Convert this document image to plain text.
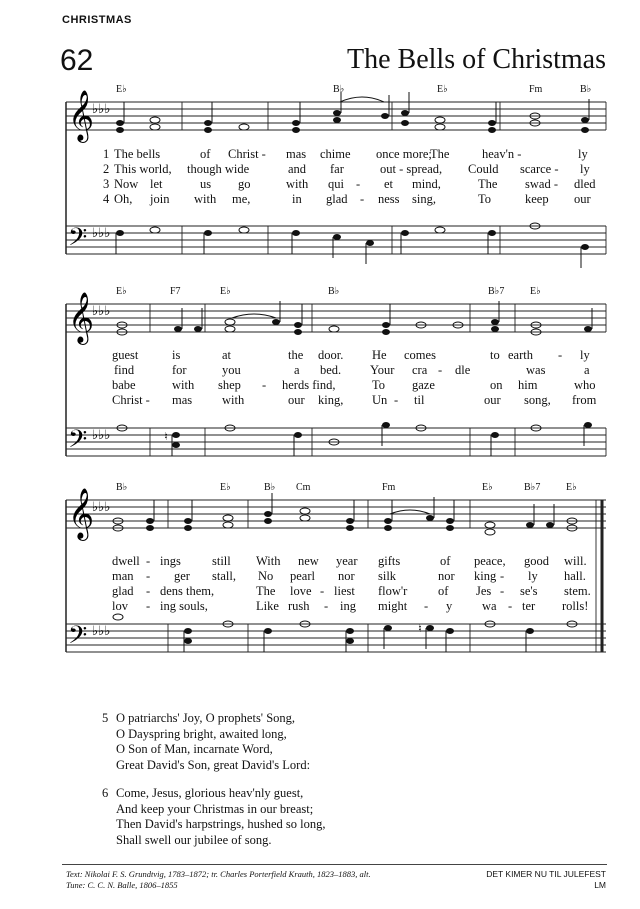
CHRISTMAS
62	The Bells of Christmas
𝄞
𝄢
♭♭♭
♭♭♭
E♭	B♭	E♭	Fm	B♭
1 The bells	of Christ - mas chime once more;
The	heav'n -	ly
2 This world, though wide	and far	out - spread, Could scarce - ly
3 Now let	us go	with qui - et mind,	The swad - dled
4 Oh, join with me,	in glad - ness sing,	To	keep our
𝄞
𝄢
♭♭♭
♭♭♭	♮
E♭	F7	E♭	B♭	B♭7	E♭
guest	is	at	the door. He comes	to earth - ly
find	for	you	a bed. Your cra - dle	was	a
babe	with shep - herds find,	To gaze	on him	who
Christ - mas with	our king, Un - til	our song, from
𝄞
𝄢
♭♭♭
♭♭♭	♮
B♭	E♭	B♭ Cm	Fm	E♭	B♭7	E♭
dwell - ings still With new year gifts	of peace, good will.
man - ger stall, No pearl nor silk	nor king - ly hall.
glad - dens them,	The love - liest flow'r of Jes - se's stem.
lov - ing souls,	Like rush - ing might - y wa - ter rolls!
5 O patriarchs' Joy, O prophets' Song,
O Dayspring bright, awaited long,
O Son of Man, incarnate Word,
Great David's Son, great David's Lord:
6 Come, Jesus, glorious heav'nly guest,
And keep your Christmas in our breast;
Then David's harpstrings, hushed so long,
Shall swell our jubilee of song.
Text: Nikolai F. S. Grundtvig, 1783–1872; tr. Charles Porterfield Krauth, 1823–1883, alt.
Tune: C. C. N. Balle, 1806–1855
DET KIMER NU TIL JULEFEST
LM
